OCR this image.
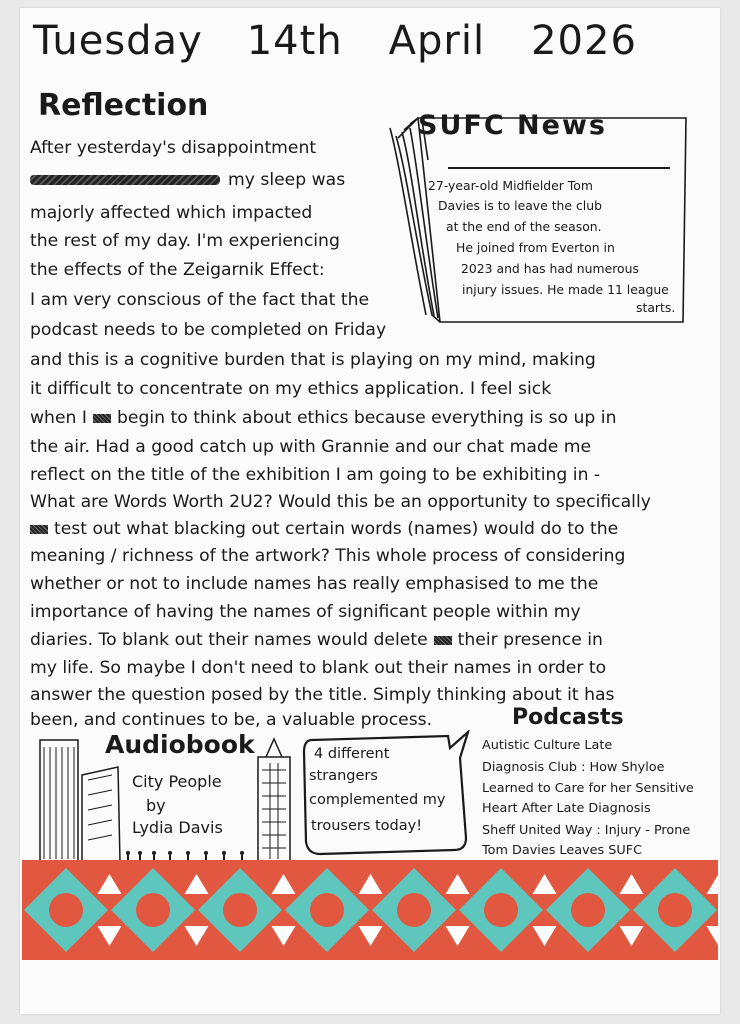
Tuesday 14th April 2026
Reflection
After yesterday's disappointment
my sleep was
majorly affected which impacted
the rest of my day. I'm experiencing
the effects of the Zeigarnik Effect:
I am very conscious of the fact that the
podcast needs to be completed on Friday
and this is a cognitive burden that is playing on my mind, making
it difficult to concentrate on my ethics application. I feel sick
when I begin to think about ethics because everything is so up in
the air. Had a good catch up with Grannie and our chat made me
reflect on the title of the exhibition I am going to be exhibiting in -
What are Words Worth 2U2? Would this be an opportunity to specifically
test out what blacking out certain words (names) would do to the
meaning / richness of the artwork? This whole process of considering
whether or not to include names has really emphasised to me the
importance of having the names of significant people within my
diaries. To blank out their names would delete their presence in
my life. So maybe I don't need to blank out their names in order to
answer the question posed by the title. Simply thinking about it has
been, and continues to be, a valuable process.
SUFC News
27-year-old Midfielder Tom
Davies is to leave the club
at the end of the season.
He joined from Everton in
2023 and has had numerous
injury issues. He made 11 league
starts.
Audiobook
City People
by
Lydia Davis
4 different
strangers
complemented my
trousers today!
Podcasts
Autistic Culture Late
Diagnosis Club : How Shyloe
Learned to Care for her Sensitive
Heart After Late Diagnosis
Sheff United Way : Injury - Prone
Tom Davies Leaves SUFC
